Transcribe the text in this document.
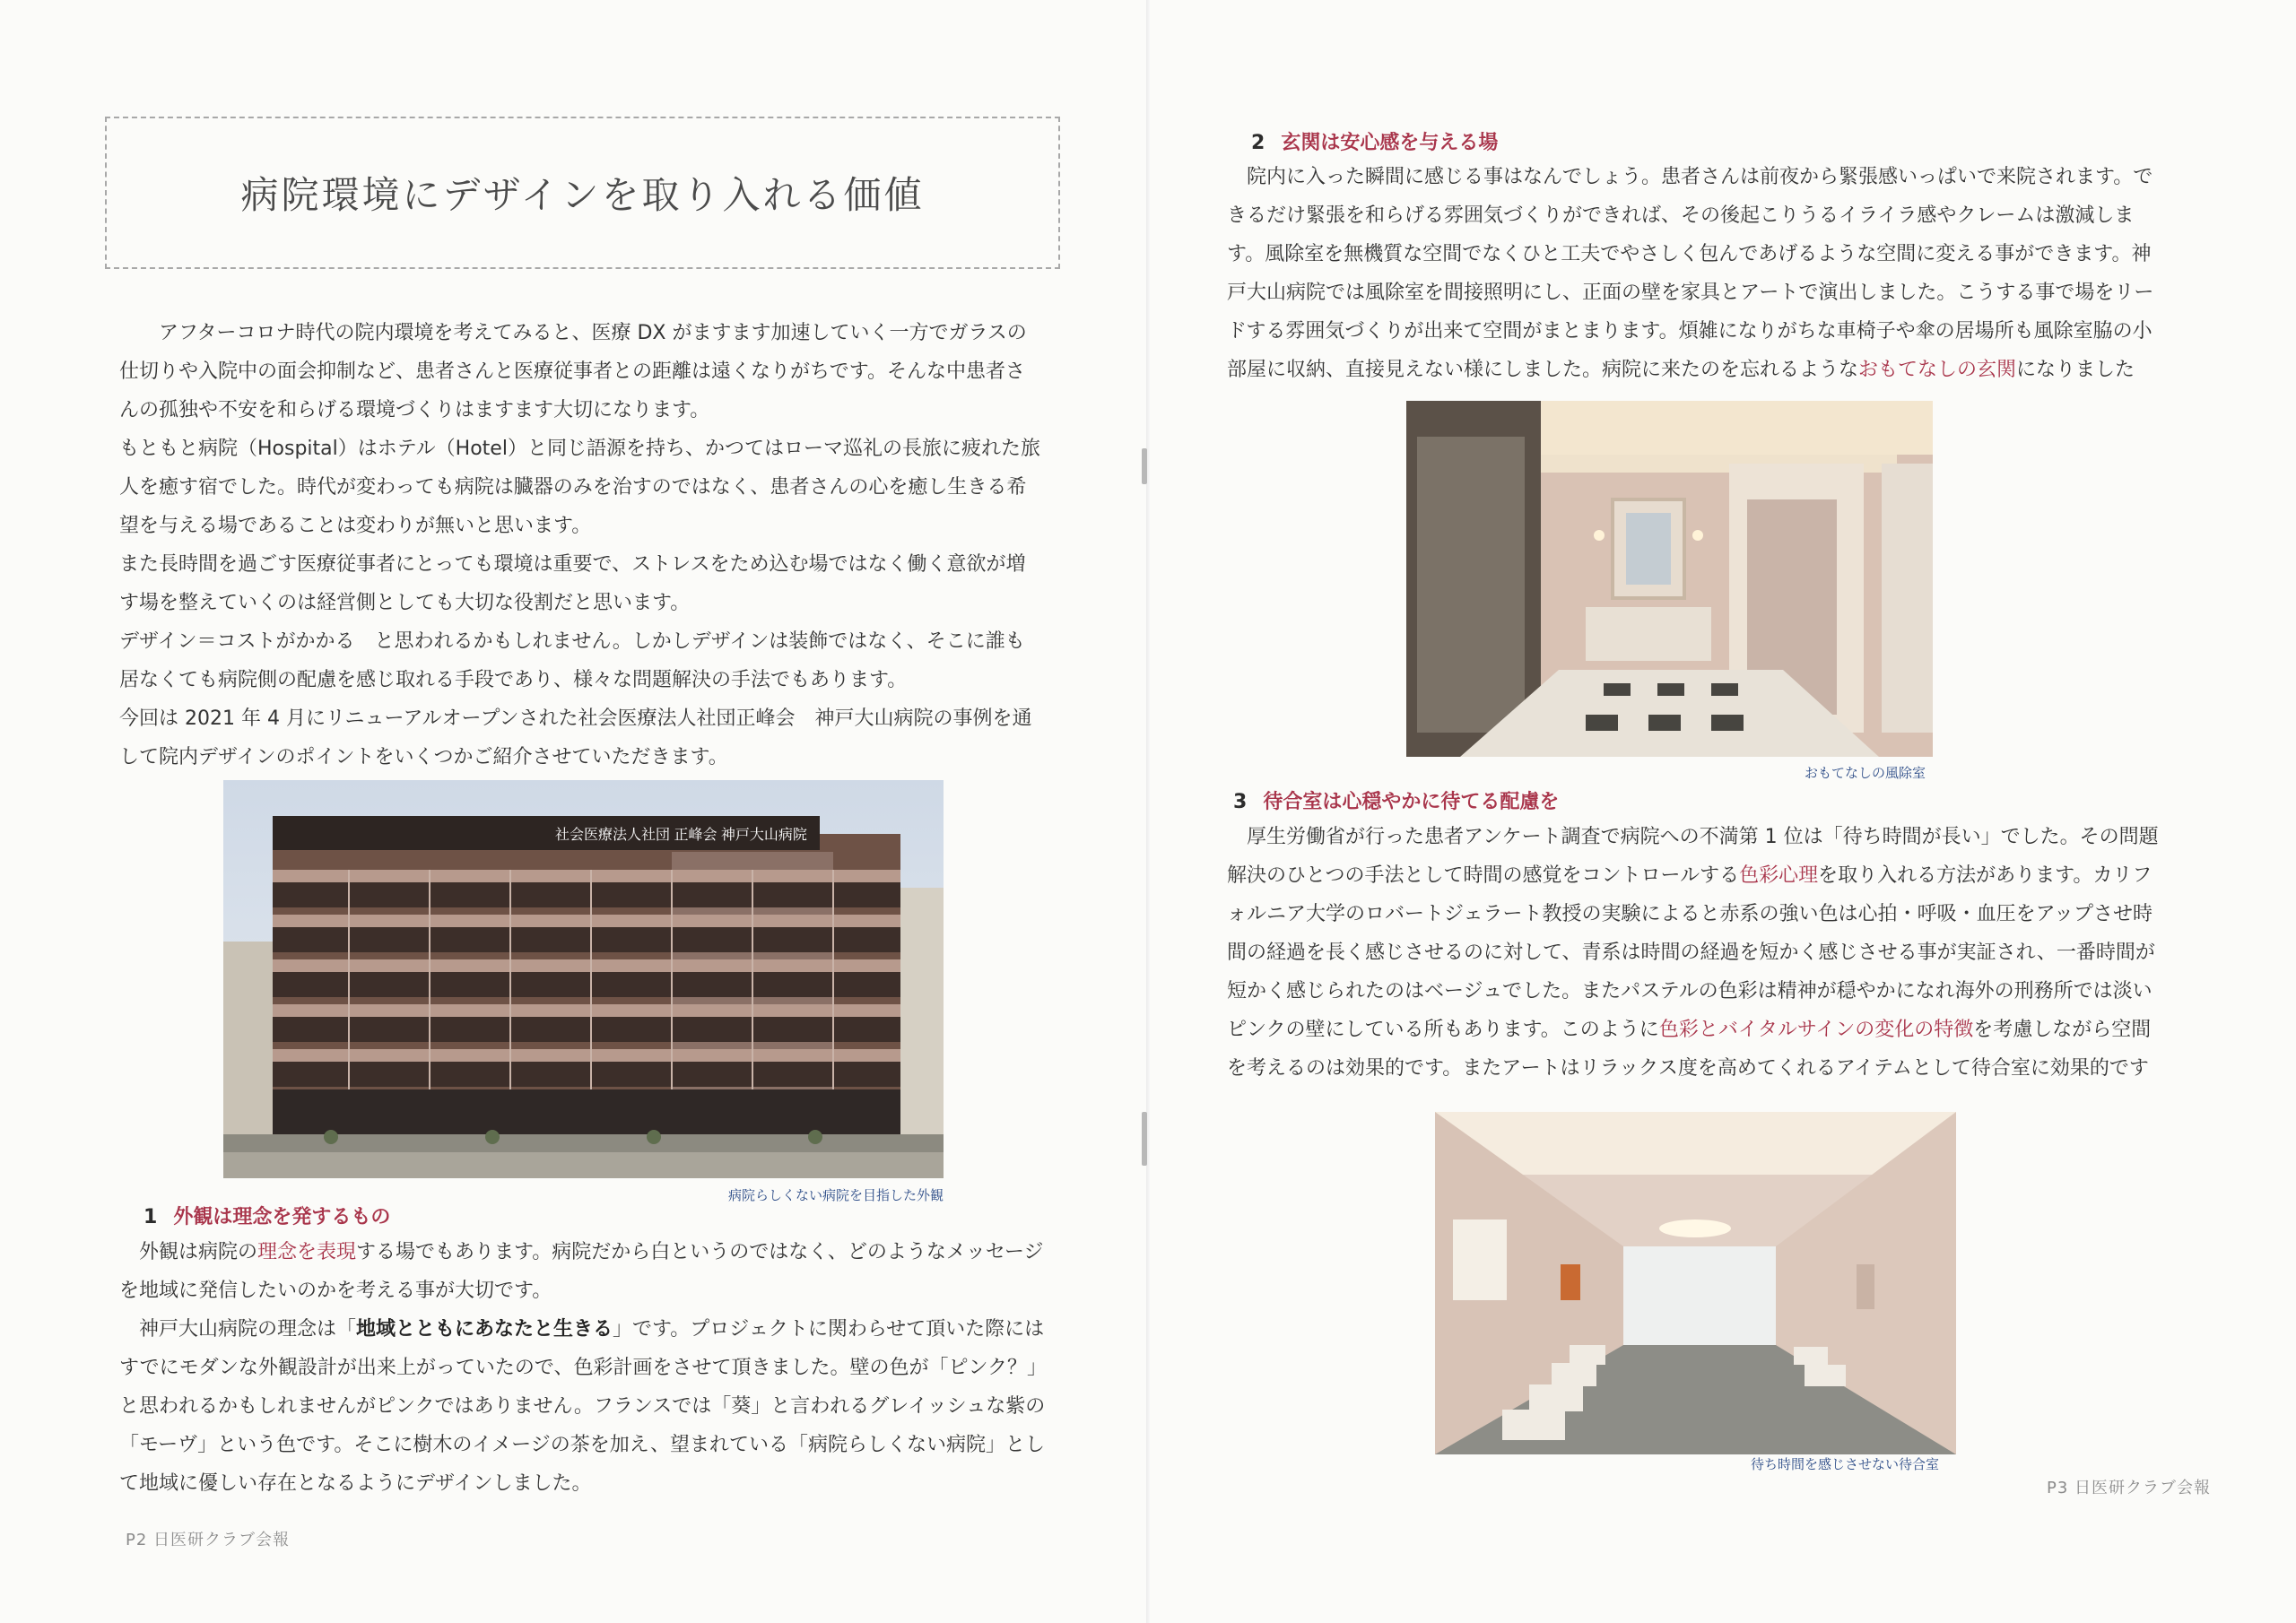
病院環境にデザインを取り入れる価値

アフターコロナ時代の院内環境を考えてみると、医療 DX がますます加速していく一方でガラスの仕切りや入院中の面会抑制など、患者さんと医療従事者との距離は遠くなりがちです。そんな中患者さんの孤独や不安を和らげる環境づくりはますます大切になります。

もともと病院（Hospital）はホテル（Hotel）と同じ語源を持ち、かつてはローマ巡礼の長旅に疲れた旅人を癒す宿でした。時代が変わっても病院は臓器のみを治すのではなく、患者さんの心を癒し生きる希望を与える場であることは変わりが無いと思います。

また長時間を過ごす医療従事者にとっても環境は重要で、ストレスをため込む場ではなく働く意欲が増す場を整えていくのは経営側としても大切な役割だと思います。

デザイン＝コストがかかる　と思われるかもしれません。しかしデザインは装飾ではなく、そこに誰も居なくても病院側の配慮を感じ取れる手段であり、様々な問題解決の手法でもあります。

今回は 2021 年 4 月にリニューアルオープンされた社会医療法人社団正峰会　神戸大山病院の事例を通して院内デザインのポイントをいくつかご紹介させていただきます。

社会医療法人社団 正峰会 神戸大山病院
病院らしくない病院を目指した外観
1 外観は理念を発するもの

外観は病院の理念を表現する場でもあります。病院だから白というのではなく、どのようなメッセージを地域に発信したいのかを考える事が大切です。

神戸大山病院の理念は「地域とともにあなたと生きる」です。プロジェクトに関わらせて頂いた際にはすでにモダンな外観設計が出来上がっていたので、色彩計画をさせて頂きました。壁の色が「ピンク？」と思われるかもしれませんがピンクではありません。フランスでは「葵」と言われるグレイッシュな紫の「モーヴ」という色です。そこに樹木のイメージの茶を加え、望まれている「病院らしくない病院」として地域に優しい存在となるようにデザインしました。

P2 日医研クラブ会報
2 玄関は安心感を与える場

院内に入った瞬間に感じる事はなんでしょう。患者さんは前夜から緊張感いっぱいで来院されます。できるだけ緊張を和らげる雰囲気づくりができれば、その後起こりうるイライラ感やクレームは激減します。風除室を無機質な空間でなくひと工夫でやさしく包んであげるような空間に変える事ができます。神戸大山病院では風除室を間接照明にし、正面の壁を家具とアートで演出しました。こうする事で場をリードする雰囲気づくりが出来て空間がまとまります。煩雑になりがちな車椅子や傘の居場所も風除室脇の小部屋に収納、直接見えない様にしました。病院に来たのを忘れるようなおもてなしの玄関になりました

おもてなしの風除室
3 待合室は心穏やかに待てる配慮を

厚生労働省が行った患者アンケート調査で病院への不満第 1 位は「待ち時間が長い」でした。その問題解決のひとつの手法として時間の感覚をコントロールする色彩心理を取り入れる方法があります。カリフォルニア大学のロバートジェラート教授の実験によると赤系の強い色は心拍・呼吸・血圧をアップさせ時間の経過を長く感じさせるのに対して、青系は時間の経過を短かく感じさせる事が実証され、一番時間が短かく感じられたのはベージュでした。またパステルの色彩は精神が穏やかになれ海外の刑務所では淡いピンクの壁にしている所もあります。このように色彩とバイタルサインの変化の特徴を考慮しながら空間を考えるのは効果的です。またアートはリラックス度を高めてくれるアイテムとして待合室に効果的です

待ち時間を感じさせない待合室
P3 日医研クラブ会報
